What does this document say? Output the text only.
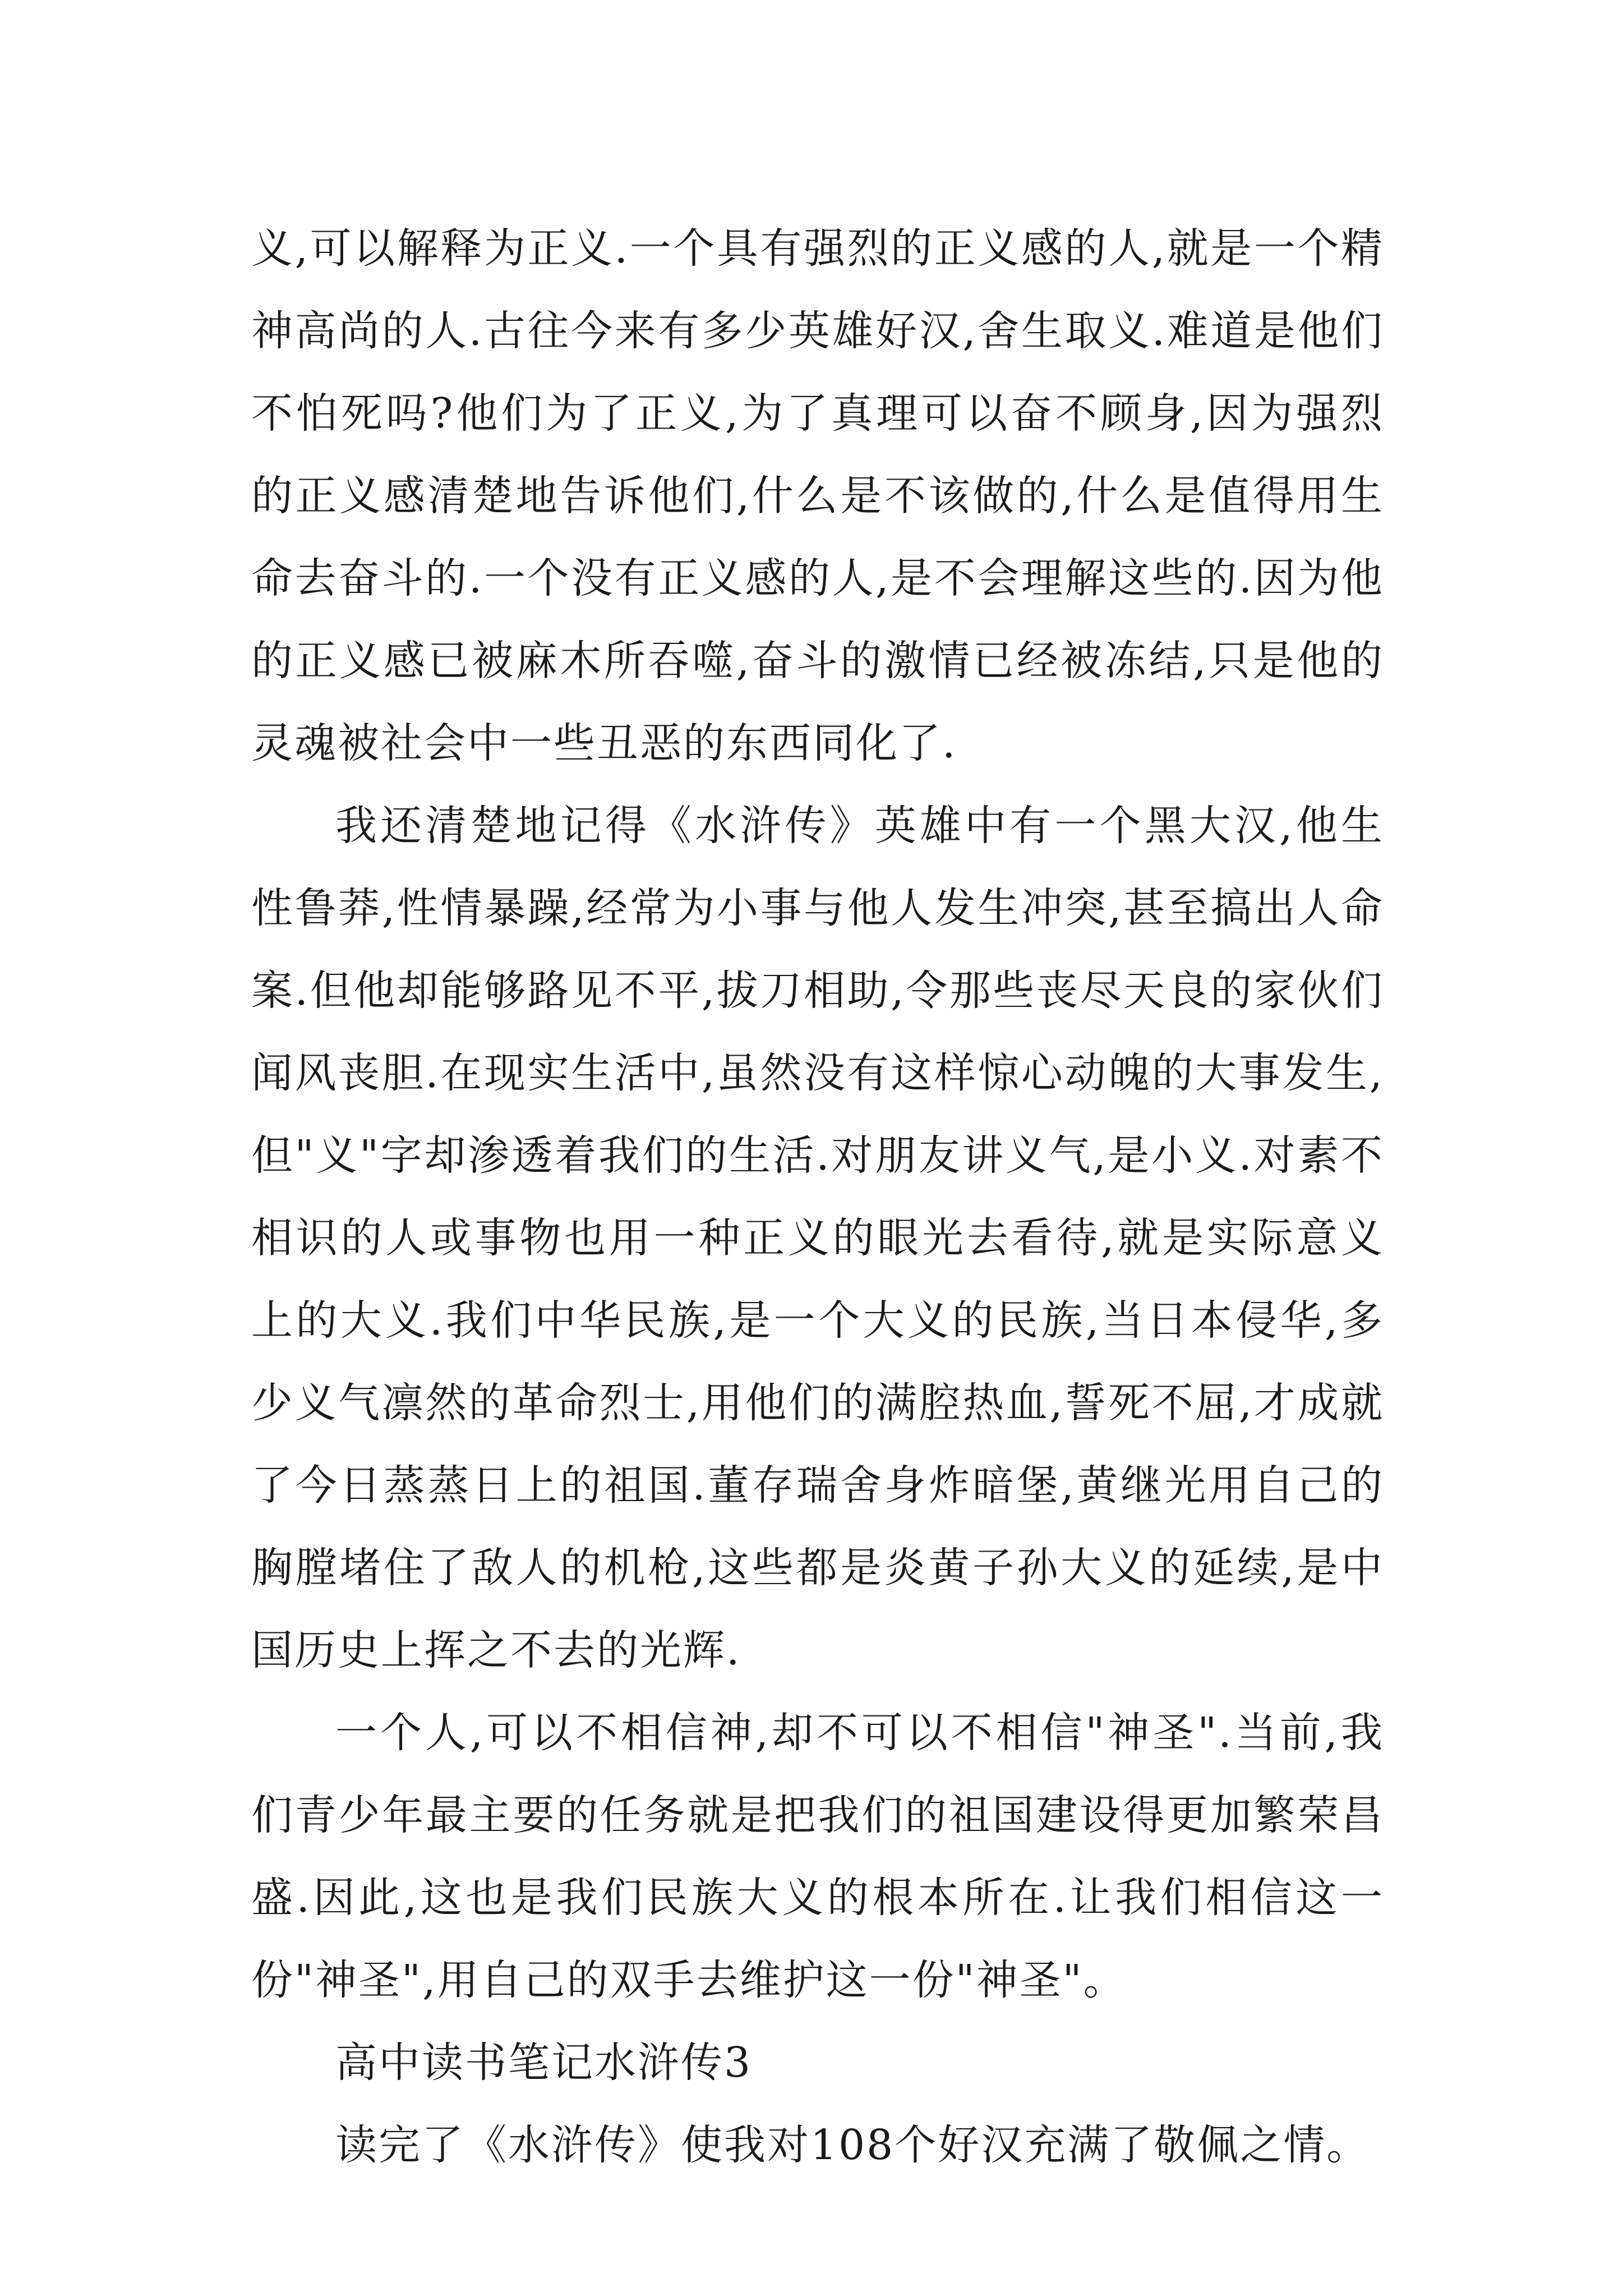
义,可以解释为正义.一个具有强烈的正义感的人,就是一个精神高尚的人.古往今来有多少英雄好汉,舍生取义.难道是他们不怕死吗?他们为了正义,为了真理可以奋不顾身,因为强烈的正义感清楚地告诉他们,什么是不该做的,什么是值得用生命去奋斗的.一个没有正义感的人,是不会理解这些的.因为他的正义感已被麻木所吞噬,奋斗的激情已经被冻结,只是他的灵魂被社会中一些丑恶的东西同化了.

我还清楚地记得《水浒传》英雄中有一个黑大汉,他生性鲁莽,性情暴躁,经常为小事与他人发生冲突,甚至搞出人命案.但他却能够路见不平,拔刀相助,令那些丧尽天良的家伙们闻风丧胆.在现实生活中,虽然没有这样惊心动魄的大事发生,但"义"字却渗透着我们的生活.对朋友讲义气,是小义.对素不相识的人或事物也用一种正义的眼光去看待,就是实际意义上的大义.我们中华民族,是一个大义的民族,当日本侵华,多少义气凛然的革命烈士,用他们的满腔热血,誓死不屈,才成就了今日蒸蒸日上的祖国.董存瑞舍身炸暗堡,黄继光用自己的胸膛堵住了敌人的机枪,这些都是炎黄子孙大义的延续,是中国历史上挥之不去的光辉.

一个人,可以不相信神,却不可以不相信"神圣".当前,我们青少年最主要的任务就是把我们的祖国建设得更加繁荣昌盛.因此,这也是我们民族大义的根本所在.让我们相信这一份"神圣",用自己的双手去维护这一份"神圣"。

高中读书笔记水浒传3

读完了《水浒传》使我对108个好汉充满了敬佩之情。
